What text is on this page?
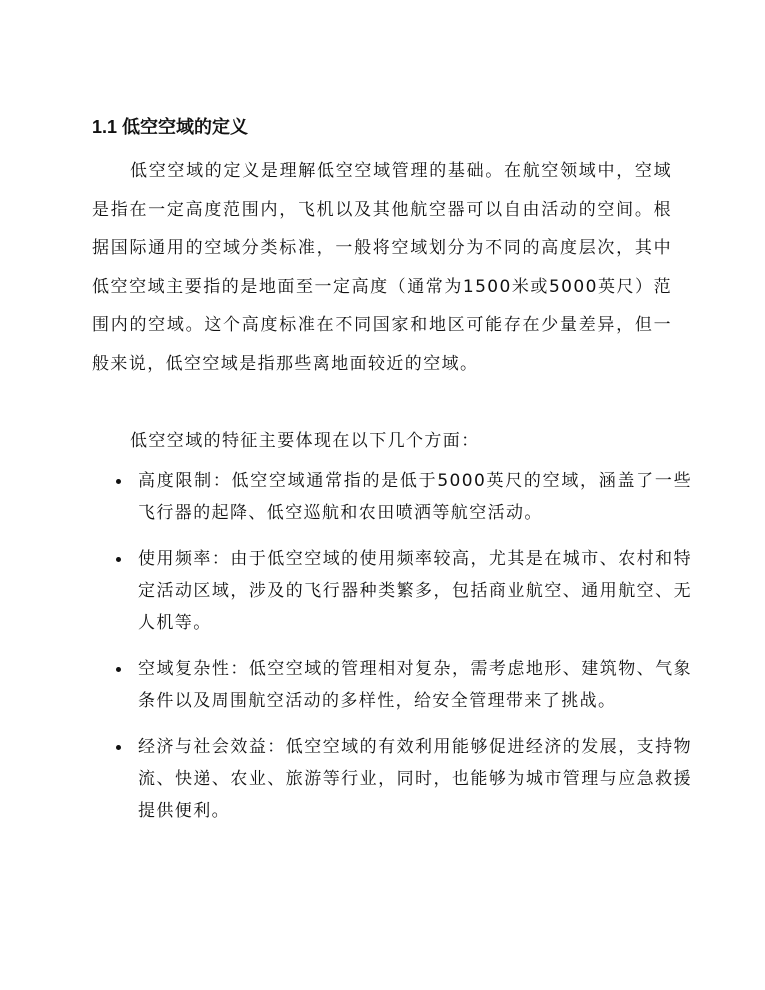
1.1 低空空域的定义

低空空域的定义是理解低空空域管理的基础。在航空领域中，空域是指在一定高度范围内，飞机以及其他航空器可以自由活动的空间。根据国际通用的空域分类标准，一般将空域划分为不同的高度层次，其中低空空域主要指的是地面至一定高度（通常为1500米或5000英尺）范围内的空域。这个高度标准在不同国家和地区可能存在少量差异，但一般来说，低空空域是指那些离地面较近的空域。

低空空域的特征主要体现在以下几个方面：

高度限制：低空空域通常指的是低于5000英尺的空域，涵盖了一些飞行器的起降、低空巡航和农田喷洒等航空活动。
使用频率：由于低空空域的使用频率较高，尤其是在城市、农村和特定活动区域，涉及的飞行器种类繁多，包括商业航空、通用航空、无人机等。
空域复杂性：低空空域的管理相对复杂，需考虑地形、建筑物、气象条件以及周围航空活动的多样性，给安全管理带来了挑战。
经济与社会效益：低空空域的有效利用能够促进经济的发展，支持物流、快递、农业、旅游等行业，同时，也能够为城市管理与应急救援提供便利。
